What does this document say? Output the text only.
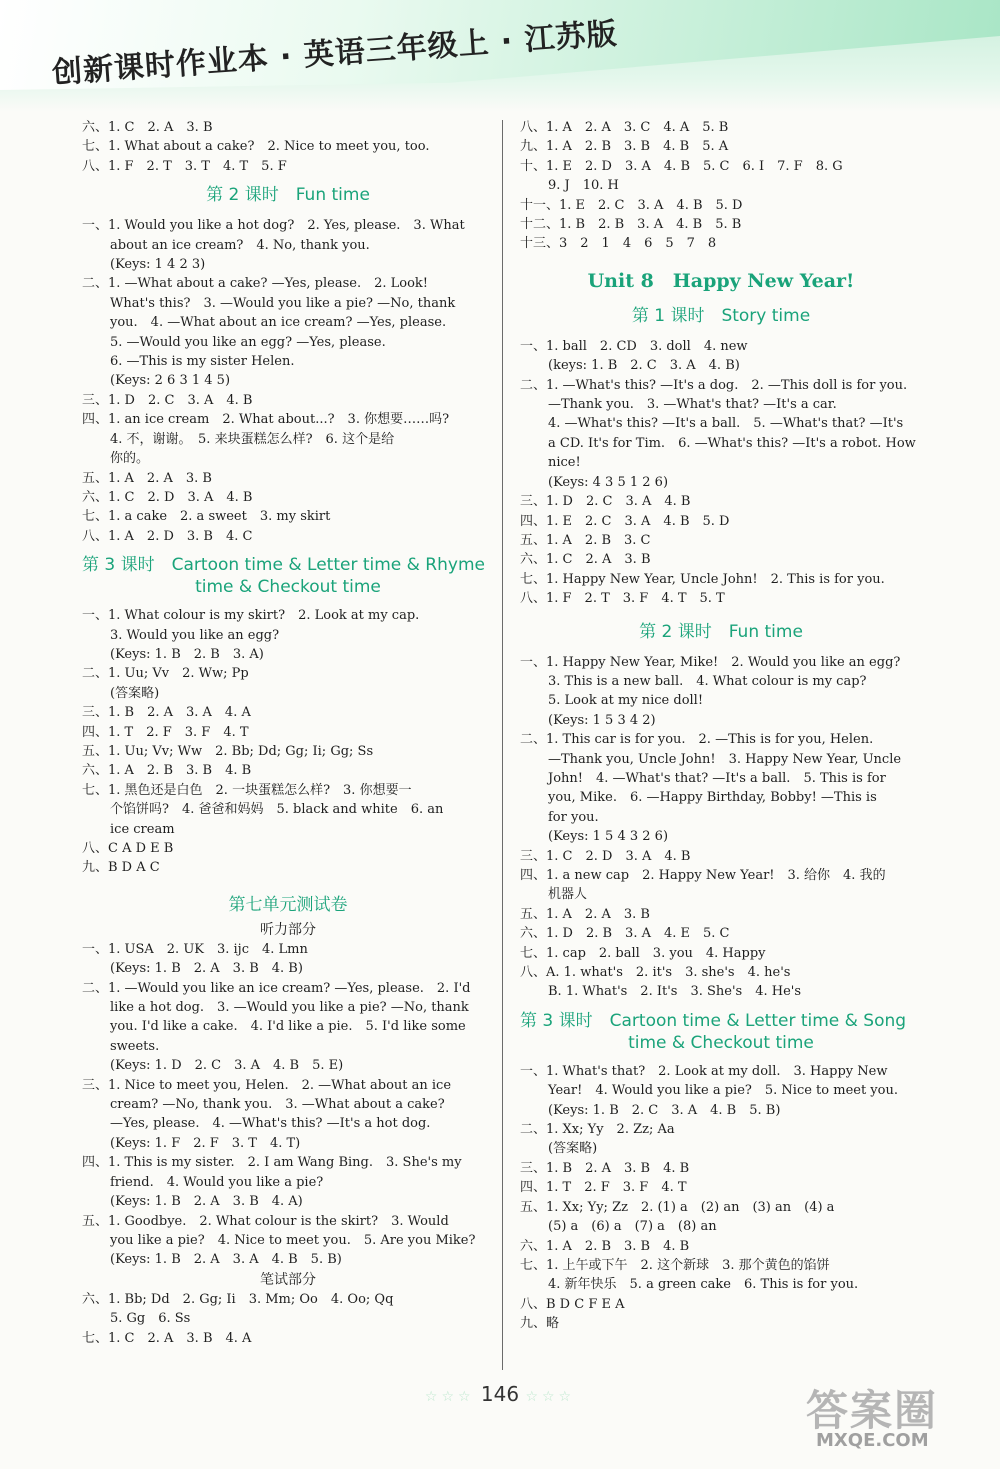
创新课时作业本 · 英语三年级上 · 江苏版
六、1. C　2. A　3. B
七、1. What about a cake?　2. Nice to meet you, too.
八、1. F　2. T　3. T　4. T　5. F
第 2 课时　Fun time
一、1. Would you like a hot dog?　2. Yes, please.　3. What
about an ice cream?　4. No, thank you.
(Keys: 1 4 2 3)
二、1. —What about a cake? —Yes, please.　2. Look!
What's this?　3. —Would you like a pie? —No, thank
you.　4. —What about an ice cream? —Yes, please.
5. —Would you like an egg? —Yes, please.
6. —This is my sister Helen.
(Keys: 2 6 3 1 4 5)
三、1. D　2. C　3. A　4. B
四、1. an ice cream　2. What about...?　3. 你想要……吗?
4. 不，谢谢。　5. 来块蛋糕怎么样?　6. 这个是给
你的。
五、1. A　2. A　3. B
六、1. C　2. D　3. A　4. B
七、1. a cake　2. a sweet　3. my skirt
八、1. A　2. D　3. B　4. C
第 3 课时　Cartoon time & Letter time & Rhyme
time & Checkout time
一、1. What colour is my skirt?　2. Look at my cap.
3. Would you like an egg?
(Keys: 1. B　2. B　3. A)
二、1. Uu; Vv　2. Ww; Pp
(答案略)
三、1. B　2. A　3. A　4. A
四、1. T　2. F　3. F　4. T
五、1. Uu; Vv; Ww　2. Bb; Dd; Gg; Ii; Gg; Ss
六、1. A　2. B　3. B　4. B
七、1. 黑色还是白色　2. 一块蛋糕怎么样?　3. 你想要一
个馅饼吗?　4. 爸爸和妈妈　5. black and white　6. an
ice cream
八、C A D E B
九、B D A C
第七单元测试卷
听力部分
一、1. USA　2. UK　3. ijc　4. Lmn
(Keys: 1. B　2. A　3. B　4. B)
二、1. —Would you like an ice cream? —Yes, please.　2. I'd
like a hot dog.　3. —Would you like a pie? —No, thank
you. I'd like a cake.　4. I'd like a pie.　5. I'd like some
sweets.
(Keys: 1. D　2. C　3. A　4. B　5. E)
三、1. Nice to meet you, Helen.　2. —What about an ice
cream? —No, thank you.　3. —What about a cake?
—Yes, please.　4. —What's this? —It's a hot dog.
(Keys: 1. F　2. F　3. T　4. T)
四、1. This is my sister.　2. I am Wang Bing.　3. She's my
friend.　4. Would you like a pie?
(Keys: 1. B　2. A　3. B　4. A)
五、1. Goodbye.　2. What colour is the skirt?　3. Would
you like a pie?　4. Nice to meet you.　5. Are you Mike?
(Keys: 1. B　2. A　3. A　4. B　5. B)
笔试部分
六、1. Bb; Dd　2. Gg; Ii　3. Mm; Oo　4. Oo; Qq
5. Gg　6. Ss
七、1. C　2. A　3. B　4. A
八、1. A　2. A　3. C　4. A　5. B
九、1. A　2. B　3. B　4. B　5. A
十、1. E　2. D　3. A　4. B　5. C　6. I　7. F　8. G
9. J　10. H
十一、1. E　2. C　3. A　4. B　5. D
十二、1. B　2. B　3. A　4. B　5. B
十三、3　2　1　4　6　5　7　8
Unit 8　Happy New Year!
第 1 课时　Story time
一、1. ball　2. CD　3. doll　4. new
(keys: 1. B　2. C　3. A　4. B)
二、1. —What's this? —It's a dog.　2. —This doll is for you.
—Thank you.　3. —What's that? —It's a car.
4. —What's this? —It's a ball.　5. —What's that? —It's
a CD. It's for Tim.　6. —What's this? —It's a robot. How
nice!
(Keys: 4 3 5 1 2 6)
三、1. D　2. C　3. A　4. B
四、1. E　2. C　3. A　4. B　5. D
五、1. A　2. B　3. C
六、1. C　2. A　3. B
七、1. Happy New Year, Uncle John!　2. This is for you.
八、1. F　2. T　3. F　4. T　5. T
第 2 课时　Fun time
一、1. Happy New Year, Mike!　2. Would you like an egg?
3. This is a new ball.　4. What colour is my cap?
5. Look at my nice doll!
(Keys: 1 5 3 4 2)
二、1. This car is for you.　2. —This is for you, Helen.
—Thank you, Uncle John!　3. Happy New Year, Uncle
John!　4. —What's that? —It's a ball.　5. This is for
you, Mike.　6. —Happy Birthday, Bobby! —This is
for you.
(Keys: 1 5 4 3 2 6)
三、1. C　2. D　3. A　4. B
四、1. a new cap　2. Happy New Year!　3. 给你　4. 我的
机器人
五、1. A　2. A　3. B
六、1. D　2. B　3. A　4. E　5. C
七、1. cap　2. ball　3. you　4. Happy
八、A. 1. what's　2. it's　3. she's　4. he's
B. 1. What's　2. It's　3. She's　4. He's
第 3 课时　Cartoon time & Letter time & Song
time & Checkout time
一、1. What's that?　2. Look at my doll.　3. Happy New
Year!　4. Would you like a pie?　5. Nice to meet you.
(Keys: 1. B　2. C　3. A　4. B　5. B)
二、1. Xx; Yy　2. Zz; Aa
(答案略)
三、1. B　2. A　3. B　4. B
四、1. T　2. F　3. F　4. T
五、1. Xx; Yy; Zz　2. (1) a　(2) an　(3) an　(4) a
(5) a　(6) a　(7) a　(8) an
六、1. A　2. B　3. B　4. B
七、1. 上午或下午　2. 这个新球　3. 那个黄色的馅饼
4. 新年快乐　5. a green cake　6. This is for you.
八、B D C F E A
九、略
☆☆☆ 146 ☆☆☆	答案圈
MXQE.COM
